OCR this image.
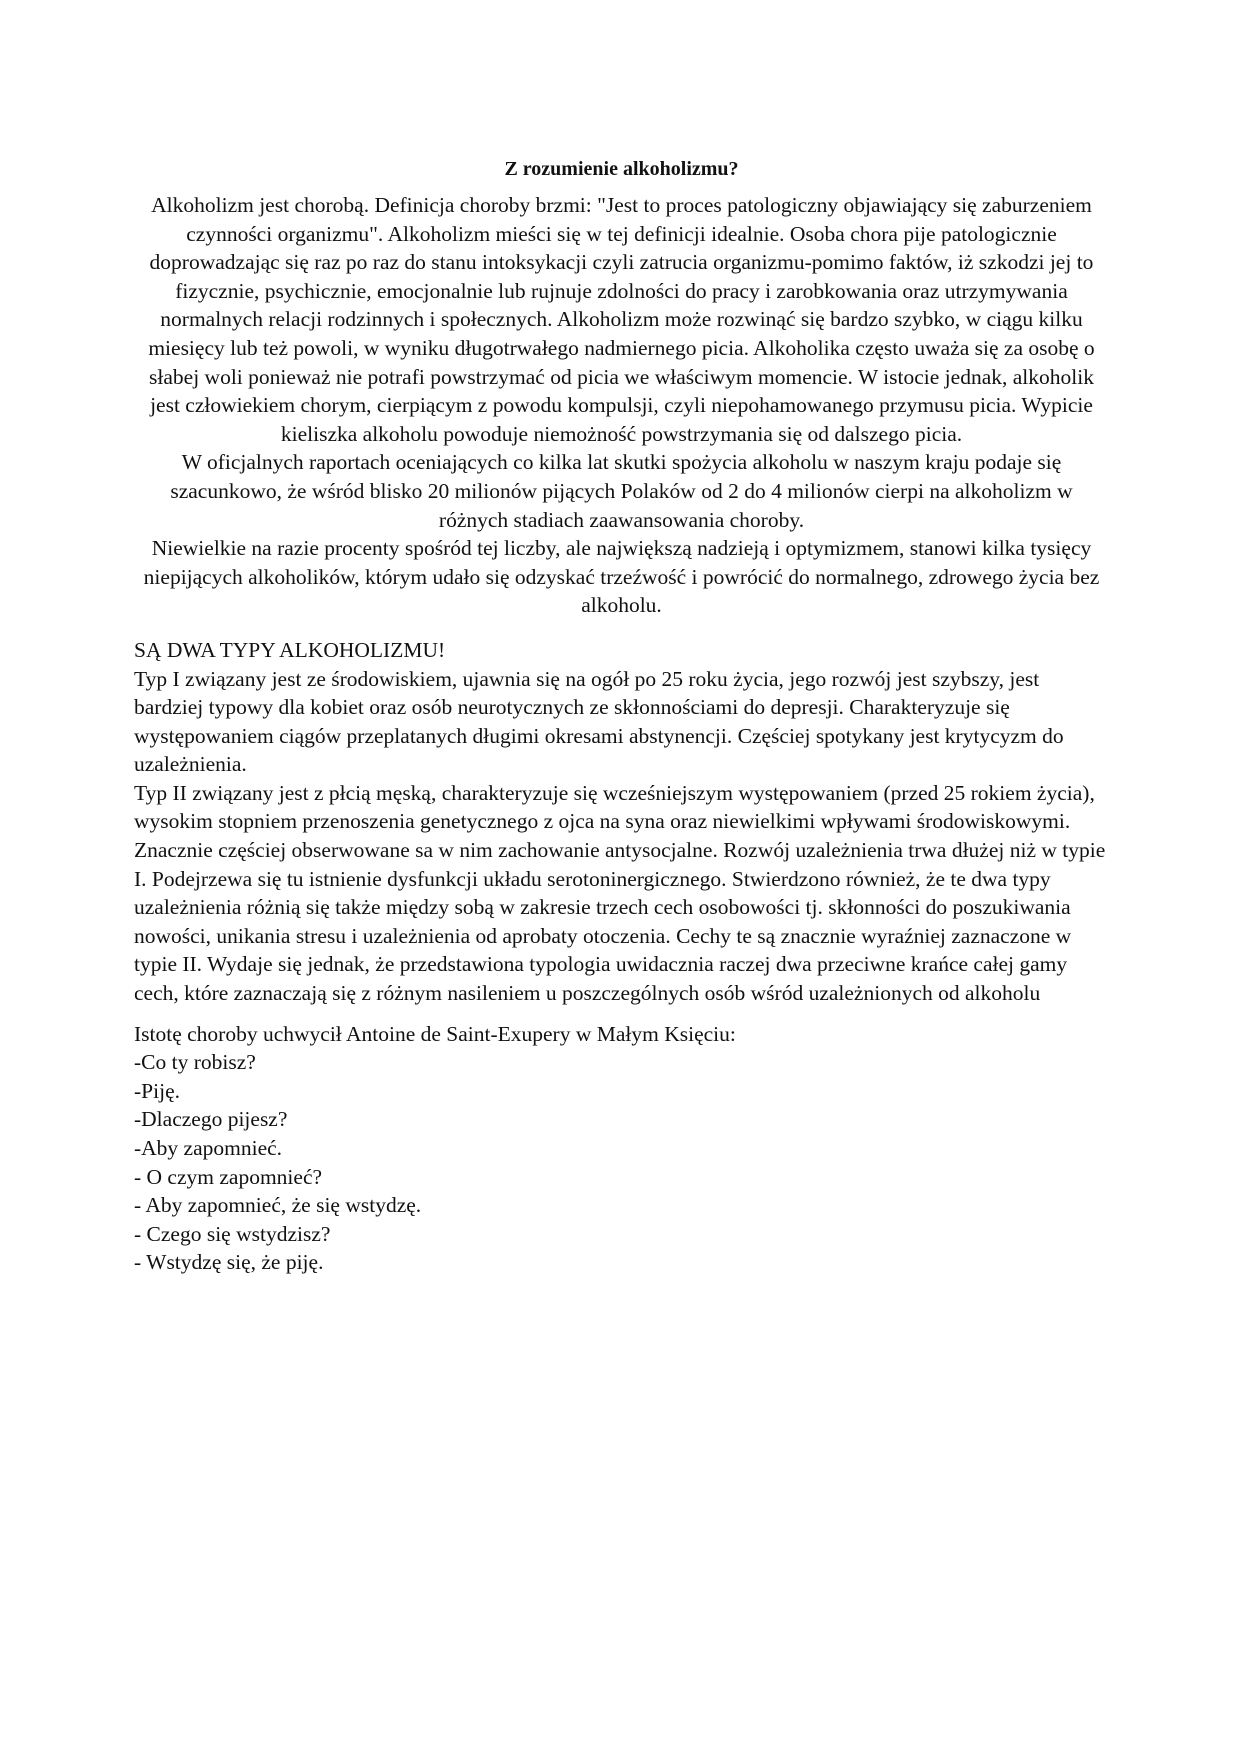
Z rozumienie alkoholizmu?

Alkoholizm jest chorobą. Definicja choroby brzmi: "Jest to proces patologiczny objawiający się zaburzeniem czynności organizmu". Alkoholizm mieści się w tej definicji idealnie. Osoba chora pije patologicznie doprowadzając się raz po raz do stanu intoksykacji czyli zatrucia organizmu-pomimo faktów, iż szkodzi jej to fizycznie, psychicznie, emocjonalnie lub rujnuje zdolności do pracy i zarobkowania oraz utrzymywania normalnych relacji rodzinnych i społecznych. Alkoholizm może rozwinąć się bardzo szybko, w ciągu kilku miesięcy lub też powoli, w wyniku długotrwałego nadmiernego picia. Alkoholika często uważa się za osobę o słabej woli ponieważ nie potrafi powstrzymać od picia we właściwym momencie. W istocie jednak, alkoholik jest człowiekiem chorym, cierpiącym z powodu kompulsji, czyli niepohamowanego przymusu picia. Wypicie kieliszka alkoholu powoduje niemożność powstrzymania się od dalszego picia.

W oficjalnych raportach oceniających co kilka lat skutki spożycia alkoholu w naszym kraju podaje się szacunkowo, że wśród blisko 20 milionów pijących Polaków od 2 do 4 milionów cierpi na alkoholizm w różnych stadiach zaawansowania choroby.

Niewielkie na razie procenty spośród tej liczby, ale największą nadzieją i optymizmem, stanowi kilka tysięcy niepijących alkoholików, którym udało się odzyskać trzeźwość i powrócić do normalnego, zdrowego życia bez alkoholu.

SĄ DWA TYPY ALKOHOLIZMU!

Typ I związany jest ze środowiskiem, ujawnia się na ogół po 25 roku życia, jego rozwój jest szybszy, jest bardziej typowy dla kobiet oraz osób neurotycznych ze skłonnościami do depresji. Charakteryzuje się występowaniem ciągów przeplatanych długimi okresami abstynencji. Częściej spotykany jest krytycyzm do uzależnienia.

Typ II związany jest z płcią męską, charakteryzuje się wcześniejszym występowaniem (przed 25 rokiem życia), wysokim stopniem przenoszenia genetycznego z ojca na syna oraz niewielkimi wpływami środowiskowymi. Znacznie częściej obserwowane sa w nim zachowanie antysocjalne. Rozwój uzależnienia trwa dłużej niż w typie I. Podejrzewa się tu istnienie dysfunkcji układu serotoninergicznego. Stwierdzono również, że te dwa typy uzależnienia różnią się także między sobą w zakresie trzech cech osobowości tj. skłonności do poszukiwania nowości, unikania stresu i uzależnienia od aprobaty otoczenia. Cechy te są znacznie wyraźniej zaznaczone w typie II. Wydaje się jednak, że przedstawiona typologia uwidacznia raczej dwa przeciwne krańce całej gamy cech, które zaznaczają się z różnym nasileniem u poszczególnych osób wśród uzależnionych od alkoholu

Istotę choroby uchwycił Antoine de Saint-Exupery w Małym Księciu:

-Co ty robisz?

-Piję.

-Dlaczego pijesz?

-Aby zapomnieć.

- O czym zapomnieć?

- Aby zapomnieć, że się wstydzę.

- Czego się wstydzisz?

- Wstydzę się, że piję.
